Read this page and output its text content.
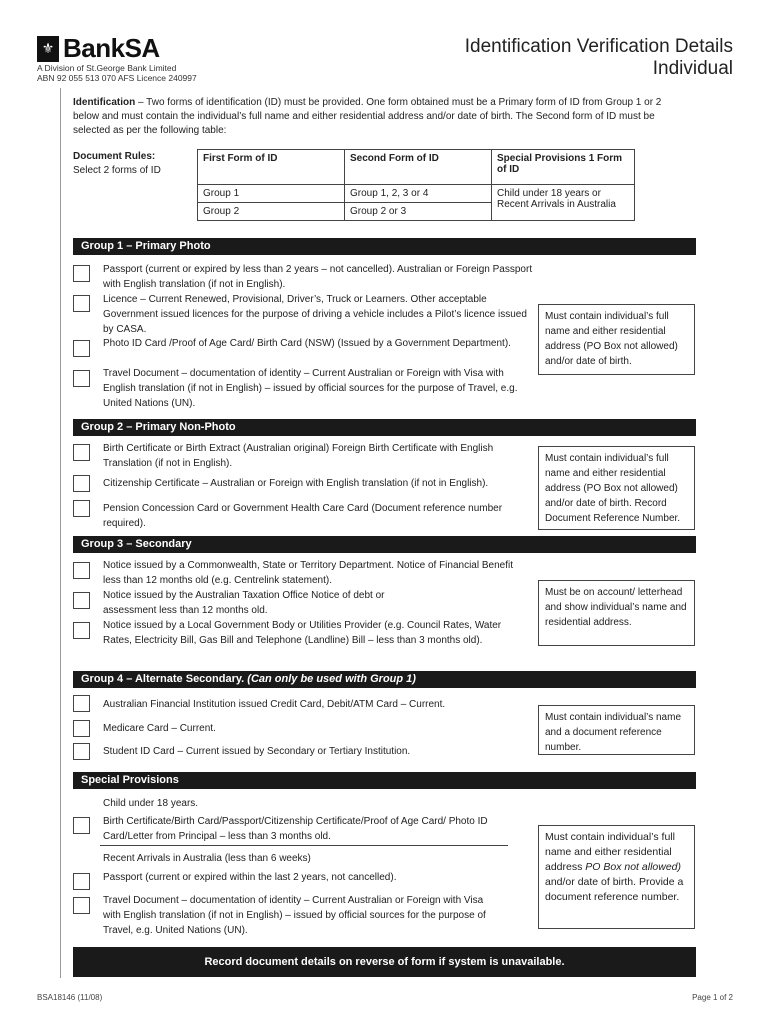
⚜ BankSA
A Division of St.George Bank Limited
ABN 92 055 513 070 AFS Licence 240997
Identification Verification Details
Individual
Identification – Two forms of identification (ID) must be provided. One form obtained must be a Primary form of ID from Group 1 or 2 below and must contain the individual’s full name and either residential address and/or date of birth. The Second form of ID must be selected as per the following table:
Document Rules:
Select 2 forms of ID
First Form of ID	Second Form of ID	Special Provisions 1 Form of ID
Group 1	Group 1, 2, 3 or 4	Child under 18 years or Recent Arrivals in Australia
Group 2	Group 2 or 3	
Group 1 – Primary Photo
Passport (current or expired by less than 2 years – not cancelled). Australian or Foreign Passport with English translation (if not in English).
Licence – Current Renewed, Provisional, Driver’s, Truck or Learners. Other acceptable Government issued licences for the purpose of driving a vehicle includes a Pilot’s licence issued by CASA.
Photo ID Card /Proof of Age Card/ Birth Card (NSW) (Issued by a Government Department).
Travel Document – documentation of identity – Current Australian or Foreign with Visa with English translation (if not in English) – issued by official sources for the purpose of Travel, e.g. United Nations (UN).
Must contain individual’s full name and either residential address (PO Box not allowed) and/or date of birth.
Group 2 – Primary Non-Photo
Birth Certificate or Birth Extract (Australian original) Foreign Birth Certificate with English Translation (if not in English).
Citizenship Certificate – Australian or Foreign with English translation (if not in English).
Pension Concession Card or Government Health Care Card (Document reference number required).
Must contain individual’s full name and either residential address (PO Box not allowed) and/or date of birth. Record Document Reference Number.
Group 3 – Secondary
Notice issued by a Commonwealth, State or Territory Department. Notice of Financial Benefit less than 12 months old (e.g. Centrelink statement).
Notice issued by the Australian Taxation Office Notice of debt or assessment less than 12 months old.
Notice issued by a Local Government Body or Utilities Provider (e.g. Council Rates, Water Rates, Electricity Bill, Gas Bill and Telephone (Landline) Bill – less than 3 months old).
Must be on account/ letterhead and show individual’s name and residential address.
Group 4 – Alternate Secondary. (Can only be used with Group 1)
Australian Financial Institution issued Credit Card, Debit/ATM Card – Current.
Medicare Card – Current.
Student ID Card – Current issued by Secondary or Tertiary Institution.
Must contain individual’s name and a document reference number.
Special Provisions
Child under 18 years.
Birth Certificate/Birth Card/Passport/Citizenship Certificate/Proof of Age Card/ Photo ID Card/Letter from Principal – less than 3 months old.
Recent Arrivals in Australia (less than 6 weeks)
Passport (current or expired within the last 2 years, not cancelled).
Travel Document – documentation of identity – Current Australian or Foreign with Visa with English translation (if not in English) – issued by official sources for the purpose of Travel, e.g. United Nations (UN).
Must contain individual’s full name and either residential address PO Box not allowed) and/or date of birth. Provide a document reference number.
Record document details on reverse of form if system is unavailable.
BSA18146 (11/08)	Page 1 of 2
